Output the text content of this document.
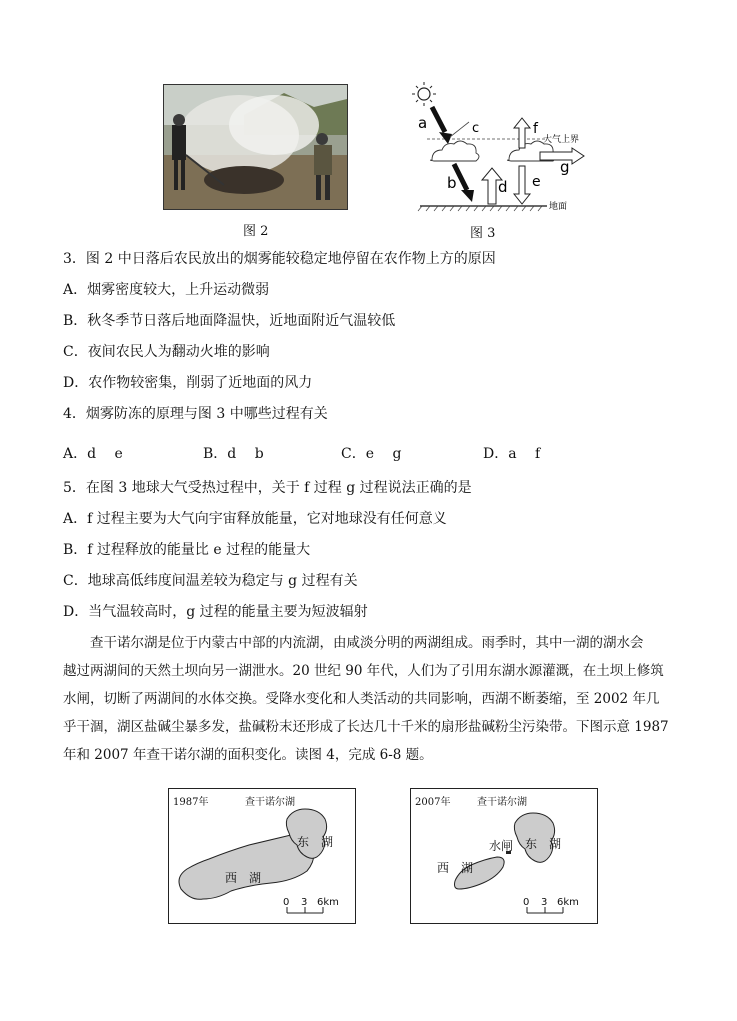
图 2
大气上界
地面
a	c
b	d
f
e
g
图 3
3．图 2 中日落后农民放出的烟雾能较稳定地停留在农作物上方的原因
A．烟雾密度较大，上升运动微弱
B．秋冬季节日落后地面降温快，近地面附近气温较低
C．夜间农民人为翻动火堆的影响
D．农作物较密集，削弱了近地面的风力
4．烟雾防冻的原理与图 3 中哪些过程有关
A．d　 e	B．d　 b	C．e　 g	D．a　 f
5．在图 3 地球大气受热过程中，关于 f 过程 g 过程说法正确的是
A．f 过程主要为大气向宇宙释放能量，它对地球没有任何意义
B．f 过程释放的能量比 e 过程的能量大
C．地球高低纬度间温差较为稳定与 g 过程有关
D．当气温较高时，g 过程的能量主要为短波辐射

　　查干诺尔湖是位于内蒙古中部的内流湖，由咸淡分明的两湖组成。雨季时，其中一湖的湖水会

越过两湖间的天然土坝向另一湖泄水。20 世纪 90 年代，人们为了引用东湖水源灌溉，在土坝上修筑

水闸，切断了两湖间的水体交换。受降水变化和人类活动的共同影响，西湖不断萎缩，至 2002 年几

乎干涸，湖区盐碱尘暴多发，盐碱粉末还形成了长达几十千米的扇形盐碱粉尘污染带。下图示意 1987

年和 2007 年查干诺尔湖的面积变化。读图 4，完成 6-8 题。

1987年	查干诺尔湖
东　湖
西　湖
0 3 6km
2007年	查干诺尔湖
东　湖
西　湖
水闸
0 3 6km
